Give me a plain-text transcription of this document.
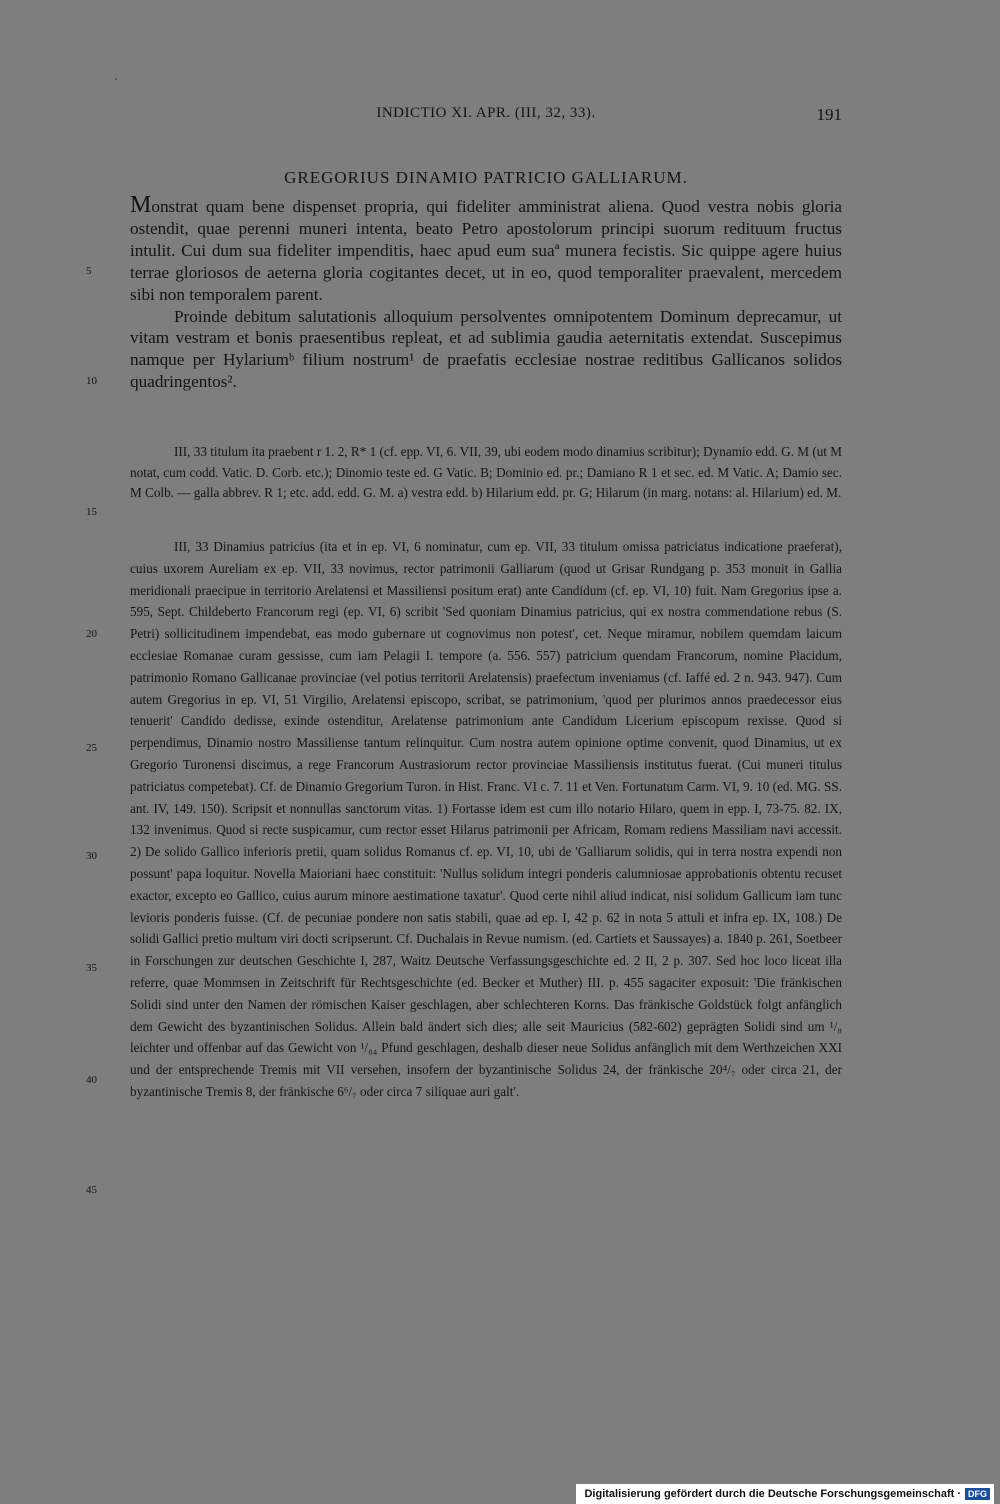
INDICTIO XI. APR. (III, 32, 33).	191
GREGORIUS DINAMIO PATRICIO GALLIARUM.

Monstrat quam bene dispenset propria, qui fideliter amministrat aliena. Quod vestra nobis gloria ostendit, quae perenni muneri intenta, beato Petro apostolorum principi suorum redituum fructus intulit. Cui dum sua fideliter impenditis, haec apud eum suaª munera fecistis. Sic quippe agere huius terrae gloriosos de aeterna gloria cogitantes decet, ut in eo, quod temporaliter praevalent, mercedem sibi non temporalem parent.

Proinde debitum salutationis alloquium persolventes omnipotentem Dominum deprecamur, ut vitam vestram et bonis praesentibus repleat, et ad sublimia gaudia aeternitatis extendat. Suscepimus namque per Hylariumᵇ filium nostrum¹ de praefatis ecclesiae nostrae reditibus Gallicanos solidos quadringentos².

III, 33 titulum ita praebent r 1. 2, R* 1 (cf. epp. VI, 6. VII, 39, ubi eodem modo dinamius scribitur); Dynamio edd. G. M (ut M notat, cum codd. Vatic. D. Corb. etc.); Dinomio teste ed. G Vatic. B; Dominio ed. pr.; Damiano R 1 et sec. ed. M Vatic. A; Damio sec. M Colb. — galla abbrev. R 1; etc. add. edd. G. M. a) vestra edd. b) Hilarium edd. pr. G; Hilarum (in marg. notans: al. Hilarium) ed. M.

III, 33 Dinamius patricius (ita et in ep. VI, 6 nominatur, cum ep. VII, 33 titulum omissa patriciatus indicatione praeferat), cuius uxorem Aureliam ex ep. VII, 33 novimus, rector patrimonii Galliarum (quod ut Grisar Rundgang p. 353 monuit in Gallia meridionali praecipue in territorio Arelatensi et Massiliensi positum erat) ante Candidum (cf. ep. VI, 10) fuit. Nam Gregorius ipse a. 595, Sept. Childeberto Francorum regi (ep. VI, 6) scribit 'Sed quoniam Dinamius patricius, qui ex nostra commendatione rebus (S. Petri) sollicitudinem impendebat, eas modo gubernare ut cognovimus non potest', cet. Neque miramur, nobilem quemdam laicum ecclesiae Romanae curam gessisse, cum iam Pelagii I. tempore (a. 556. 557) patricium quendam Francorum, nomine Placidum, patrimonio Romano Gallicanae provinciae (vel potius territorii Arelatensis) praefectum inveniamus (cf. Iaffé ed. 2 n. 943. 947). Cum autem Gregorius in ep. VI, 51 Virgilio, Arelatensi episcopo, scribat, se patrimonium, 'quod per plurimos annos praedecessor eius tenuerit' Candido dedisse, exinde ostenditur, Arelatense patrimonium ante Candidum Licerium episcopum rexisse. Quod si perpendimus, Dinamio nostro Massiliense tantum relinquitur. Cum nostra autem opinione optime convenit, quod Dinamius, ut ex Gregorio Turonensi discimus, a rege Francorum Austrasiorum rector provinciae Massiliensis institutus fuerat. (Cui muneri titulus patriciatus competebat). Cf. de Dinamio Gregorium Turon. in Hist. Franc. VI c. 7. 11 et Ven. Fortunatum Carm. VI, 9. 10 (ed. MG. SS. ant. IV, 149. 150). Scripsit et nonnullas sanctorum vitas. 1) Fortasse idem est cum illo notario Hilaro, quem in epp. I, 73-75. 82. IX, 132 invenimus. Quod si recte suspicamur, cum rector esset Hilarus patrimonii per Africam, Romam rediens Massiliam navi accessit. 2) De solido Gallico inferioris pretii, quam solidus Romanus cf. ep. VI, 10, ubi de 'Galliarum solidis, qui in terra nostra expendi non possunt' papa loquitur. Novella Maioriani haec constituit: 'Nullus solidum integri ponderis calumniosae approbationis obtentu recuset exactor, excepto eo Gallico, cuius aurum minore aestimatione taxatur'. Quod certe nihil aliud indicat, nisi solidum Gallicum iam tunc levioris ponderis fuisse. (Cf. de pecuniae pondere non satis stabili, quae ad ep. I, 42 p. 62 in nota 5 attuli et infra ep. IX, 108.) De solidi Gallici pretio multum viri docti scripserunt. Cf. Duchalais in Revue numism. (ed. Cartiets et Saussayes) a. 1840 p. 261, Soetbeer in Forschungen zur deutschen Geschichte I, 287, Waitz Deutsche Verfassungsgeschichte ed. 2 II, 2 p. 307. Sed hoc loco liceat illa referre, quae Mommsen in Zeitschrift für Rechtsgeschichte (ed. Becker et Muther) III. p. 455 sagaciter exposuit: 'Die fränkischen Solidi sind unter den Namen der römischen Kaiser geschlagen, aber schlechteren Korns. Das fränkische Goldstück folgt anfänglich dem Gewicht des byzantinischen Solidus. Allein bald ändert sich dies; alle seit Mauricius (582-602) geprägten Solidi sind um ¹/₈ leichter und offenbar auf das Gewicht von ¹/₈₄ Pfund geschlagen, deshalb dieser neue Solidus anfänglich mit dem Werthzeichen XXI und der entsprechende Tremis mit VII versehen, insofern der byzantinische Solidus 24, der fränkische 20⁴/₇ oder circa 21, der byzantinische Tremis 8, der fränkische 6⁶/₇ oder circa 7 siliquae auri galt'.

5
10
15
20
25
30
35
40
45
Digitalisierung gefördert durch die Deutsche Forschungsgemeinschaft · DFG
